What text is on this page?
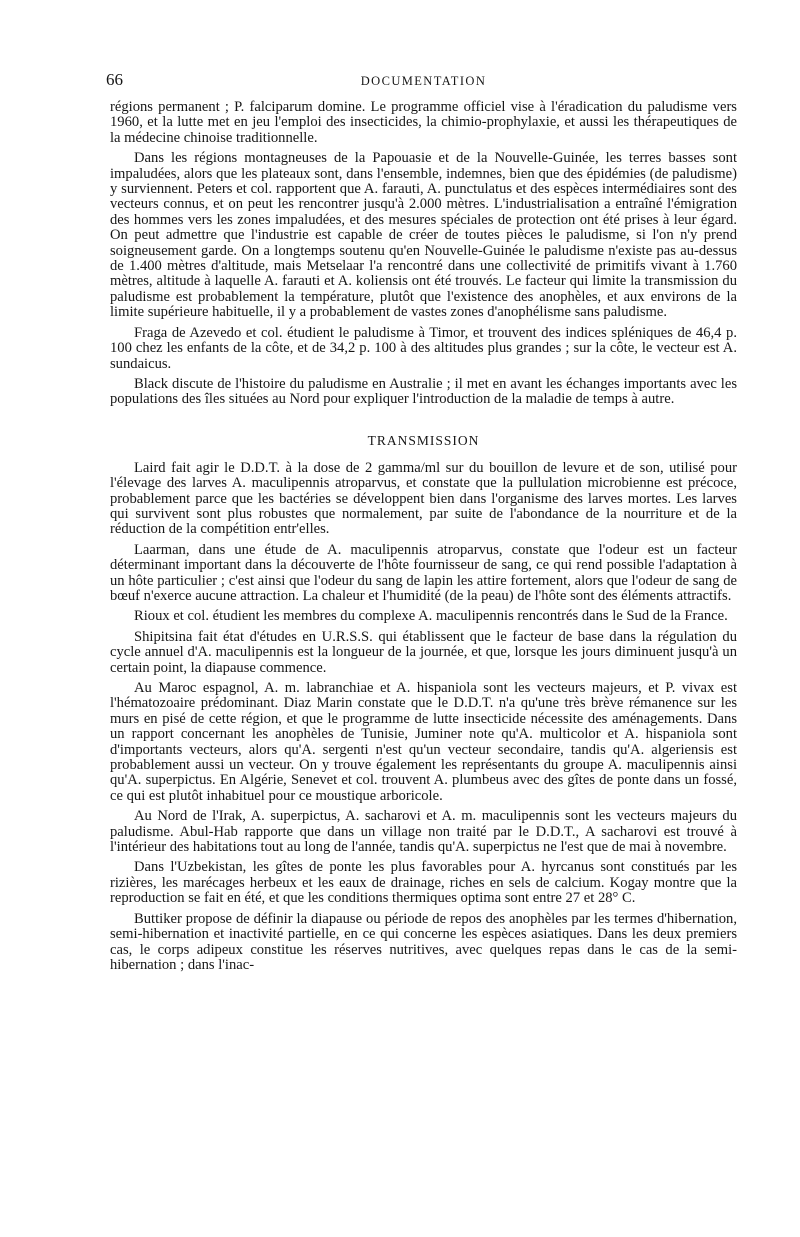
66	DOCUMENTATION

régions permanent ; P. falciparum domine. Le programme officiel vise à l'éradication du paludisme vers 1960, et la lutte met en jeu l'emploi des insecticides, la chimio-prophylaxie, et aussi les thérapeutiques de la médecine chinoise traditionnelle.

Dans les régions montagneuses de la Papouasie et de la Nouvelle-Guinée, les terres basses sont impaludées, alors que les plateaux sont, dans l'ensemble, indemnes, bien que des épidémies (de paludisme) y surviennent. Peters et col. rapportent que A. farauti, A. punctulatus et des espèces intermédiaires sont des vecteurs connus, et on peut les rencontrer jusqu'à 2.000 mètres. L'industrialisation a entraîné l'émigration des hommes vers les zones impaludées, et des mesures spéciales de protection ont été prises à leur égard. On peut admettre que l'industrie est capable de créer de toutes pièces le paludisme, si l'on n'y prend soigneusement garde. On a longtemps soutenu qu'en Nouvelle-Guinée le paludisme n'existe pas au-dessus de 1.400 mètres d'altitude, mais Metselaar l'a rencontré dans une collectivité de primitifs vivant à 1.760 mètres, altitude à laquelle A. farauti et A. koliensis ont été trouvés. Le facteur qui limite la transmission du paludisme est probablement la température, plutôt que l'existence des anophèles, et aux environs de la limite supérieure habituelle, il y a probablement de vastes zones d'anophélisme sans paludisme.

Fraga de Azevedo et col. étudient le paludisme à Timor, et trouvent des indices spléniques de 46,4 p. 100 chez les enfants de la côte, et de 34,2 p. 100 à des altitudes plus grandes ; sur la côte, le vecteur est A. sundaicus.

Black discute de l'histoire du paludisme en Australie ; il met en avant les échanges importants avec les populations des îles situées au Nord pour expliquer l'introduction de la maladie de temps à autre.

TRANSMISSION

Laird fait agir le D.D.T. à la dose de 2 gamma/ml sur du bouillon de levure et de son, utilisé pour l'élevage des larves A. maculipennis atroparvus, et constate que la pullulation microbienne est précoce, probablement parce que les bactéries se développent bien dans l'organisme des larves mortes. Les larves qui survivent sont plus robustes que normalement, par suite de l'abondance de la nourriture et de la réduction de la compétition entr'elles.

Laarman, dans une étude de A. maculipennis atroparvus, constate que l'odeur est un facteur déterminant important dans la découverte de l'hôte fournisseur de sang, ce qui rend possible l'adaptation à un hôte particulier ; c'est ainsi que l'odeur du sang de lapin les attire fortement, alors que l'odeur de sang de bœuf n'exerce aucune attraction. La chaleur et l'humidité (de la peau) de l'hôte sont des éléments attractifs.

Rioux et col. étudient les membres du complexe A. maculipennis rencontrés dans le Sud de la France.

Shipitsina fait état d'études en U.R.S.S. qui établissent que le facteur de base dans la régulation du cycle annuel d'A. maculipennis est la longueur de la journée, et que, lorsque les jours diminuent jusqu'à un certain point, la diapause commence.

Au Maroc espagnol, A. m. labranchiae et A. hispaniola sont les vecteurs majeurs, et P. vivax est l'hématozoaire prédominant. Diaz Marin constate que le D.D.T. n'a qu'une très brève rémanence sur les murs en pisé de cette région, et que le programme de lutte insecticide nécessite des aménagements. Dans un rapport concernant les anophèles de Tunisie, Juminer note qu'A. multicolor et A. hispaniola sont d'importants vecteurs, alors qu'A. sergenti n'est qu'un vecteur secondaire, tandis qu'A. algeriensis est probablement aussi un vecteur. On y trouve également les représentants du groupe A. maculipennis ainsi qu'A. superpictus. En Algérie, Senevet et col. trouvent A. plumbeus avec des gîtes de ponte dans un fossé, ce qui est plutôt inhabituel pour ce moustique arboricole.

Au Nord de l'Irak, A. superpictus, A. sacharovi et A. m. maculipennis sont les vecteurs majeurs du paludisme. Abul-Hab rapporte que dans un village non traité par le D.D.T., A sacharovi est trouvé à l'intérieur des habitations tout au long de l'année, tandis qu'A. superpictus ne l'est que de mai à novembre.

Dans l'Uzbekistan, les gîtes de ponte les plus favorables pour A. hyrcanus sont constitués par les rizières, les marécages herbeux et les eaux de drainage, riches en sels de calcium. Kogay montre que la reproduction se fait en été, et que les conditions thermiques optima sont entre 27 et 28° C.

Buttiker propose de définir la diapause ou période de repos des anophèles par les termes d'hibernation, semi-hibernation et inactivité partielle, en ce qui concerne les espèces asiatiques. Dans les deux premiers cas, le corps adipeux constitue les réserves nutritives, avec quelques repas dans le cas de la semi-hibernation ; dans l'inac-
